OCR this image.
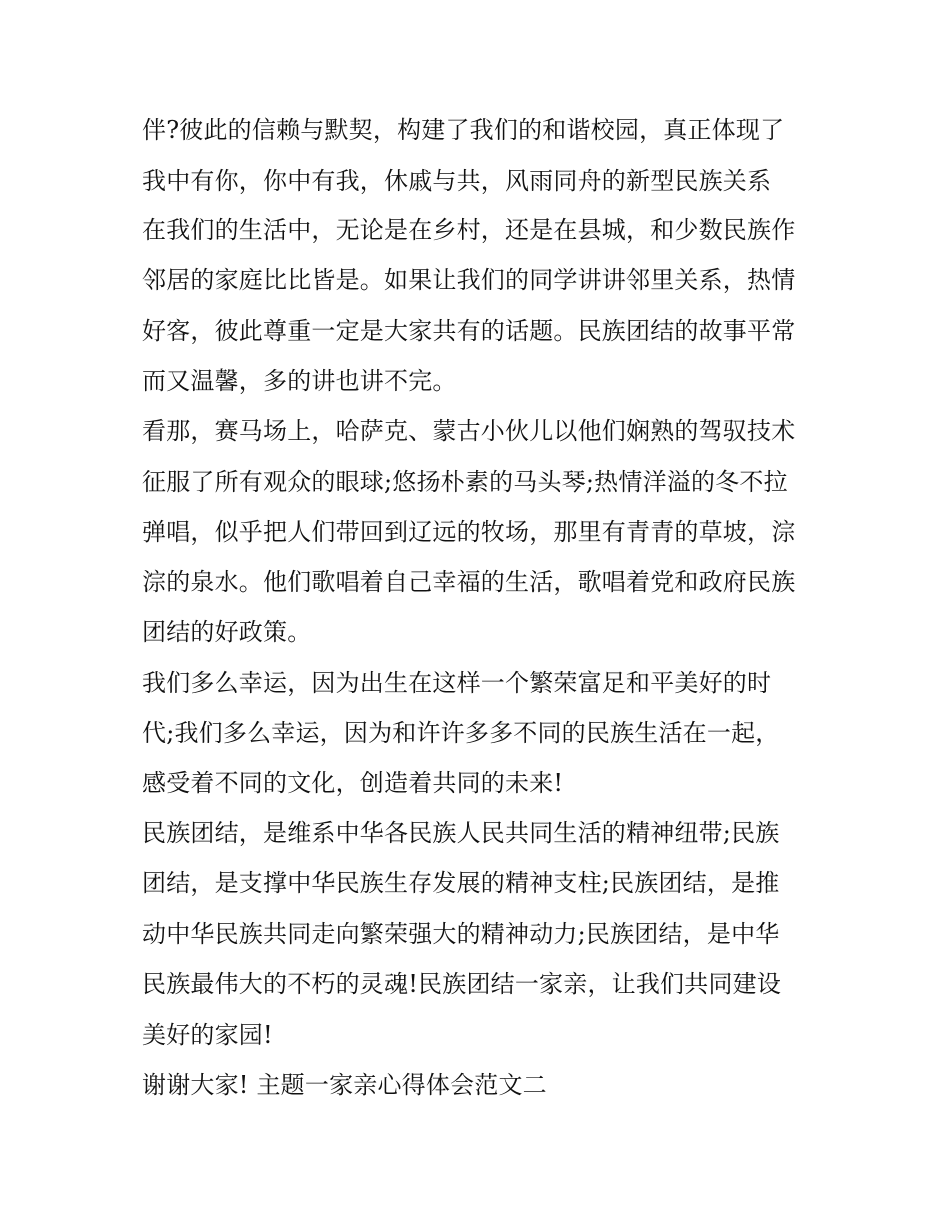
伴?彼此的信赖与默契，构建了我们的和谐校园，真正体现了
我中有你，你中有我，休戚与共，风雨同舟的新型民族关系
在我们的生活中，无论是在乡村，还是在县城，和少数民族作
邻居的家庭比比皆是。如果让我们的同学讲讲邻里关系，热情
好客，彼此尊重一定是大家共有的话题。民族团结的故事平常
而又温馨，多的讲也讲不完。
看那，赛马场上，哈萨克、蒙古小伙儿以他们娴熟的驾驭技术
征服了所有观众的眼球;悠扬朴素的马头琴;热情洋溢的冬不拉
弹唱，似乎把人们带回到辽远的牧场，那里有青青的草坡，淙
淙的泉水。他们歌唱着自己幸福的生活，歌唱着党和政府民族
团结的好政策。
我们多么幸运，因为出生在这样一个繁荣富足和平美好的时
代;我们多么幸运，因为和许许多多不同的民族生活在一起，
感受着不同的文化，创造着共同的未来!
民族团结，是维系中华各民族人民共同生活的精神纽带;民族
团结，是支撑中华民族生存发展的精神支柱;民族团结，是推
动中华民族共同走向繁荣强大的精神动力;民族团结，是中华
民族最伟大的不朽的灵魂!民族团结一家亲，让我们共同建设
美好的家园!
谢谢大家! 主题一家亲心得体会范文二
